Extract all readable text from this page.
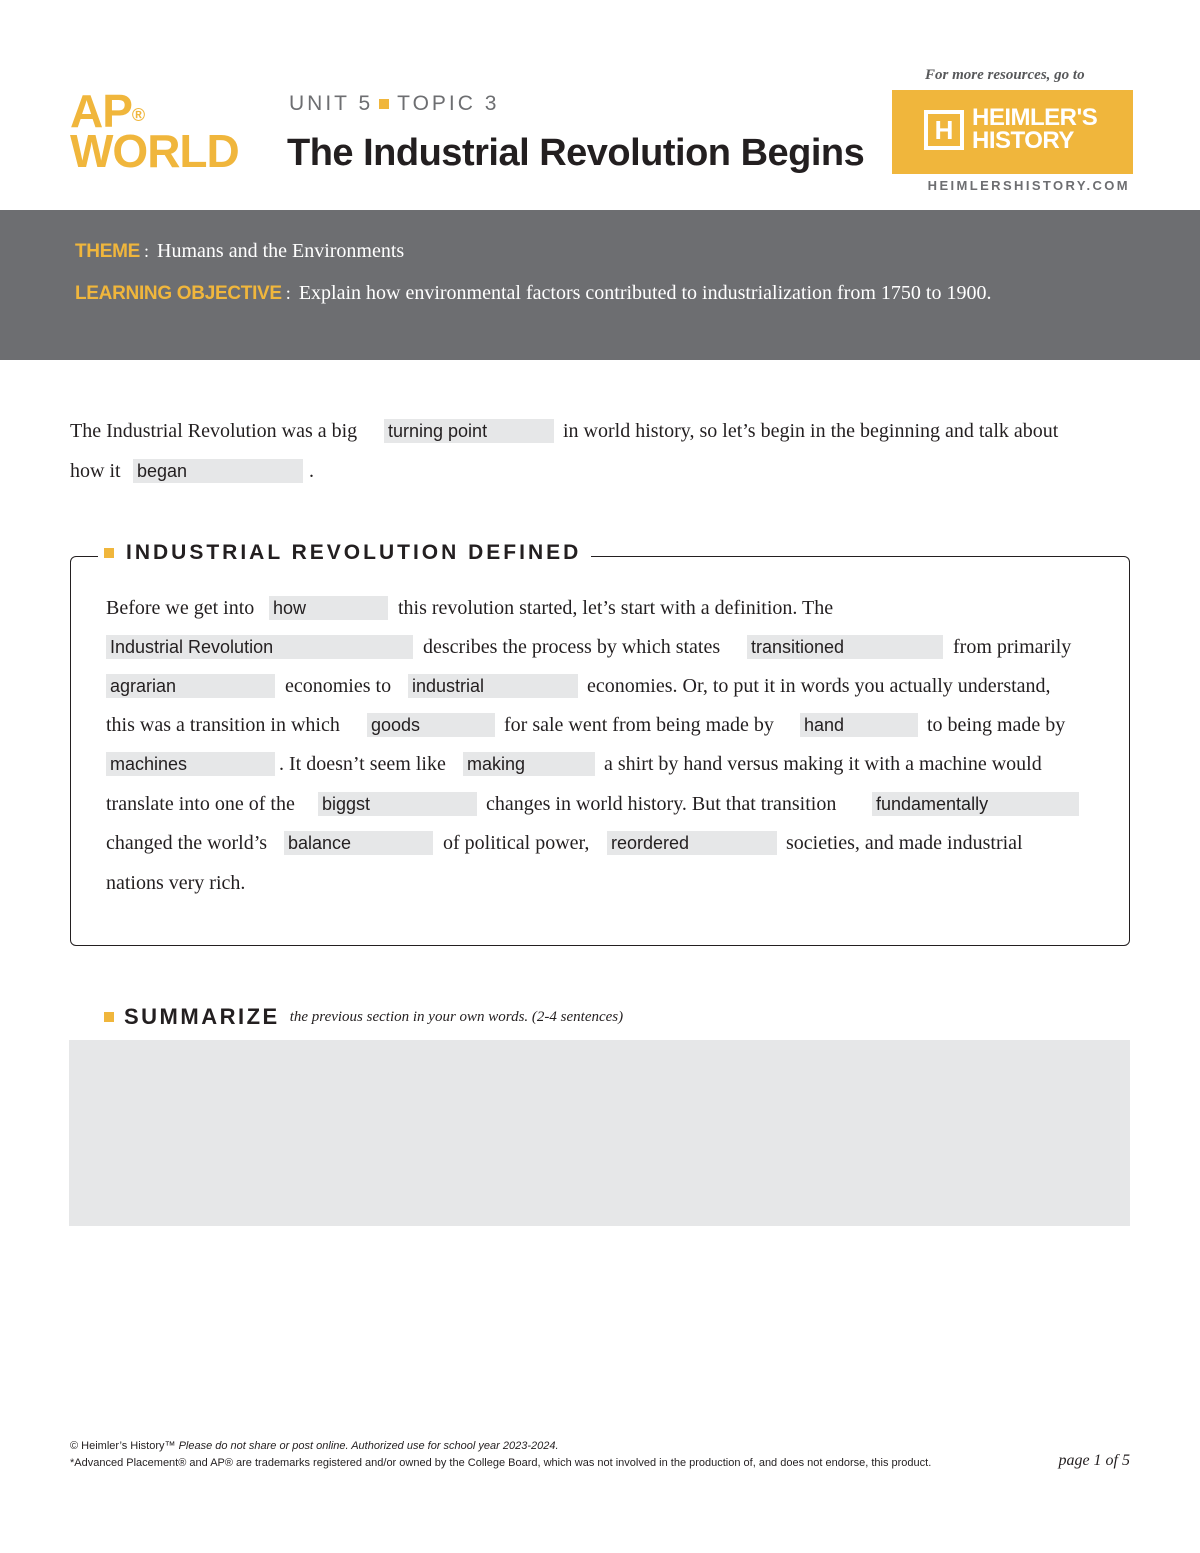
AP®
WORLD
UNIT 5 TOPIC 3
The Industrial Revolution Begins
For more resources, go to
H HEIMLER'S
HISTORY
HEIMLERSHISTORY.COM
THEME : Humans and the Environments
LEARNING OBJECTIVE : Explain how environmental factors contributed to industrialization from 1750 to 1900.
The Industrial Revolution was a big turning point	in world history, so let’s begin in the beginning and talk about
how it began	.
INDUSTRIAL REVOLUTION DEFINED
Before we get into how	this revolution started, let’s start with a definition. The
Industrial Revolution	describes the process by which states transitioned	from primarily
agrarian	economies to industrial	economies. Or, to put it in words you actually understand,
this was a transition in which goods	for sale went from being made by hand	to being made by
machines	. It doesn’t seem like making	a shirt by hand versus making it with a machine would
translate into one of the biggst	changes in world history. But that transition fundamentally
changed the world’s balance	of political power, reordered	societies, and made industrial
nations very rich.
SUMMARIZE the previous section in your own words. (2-4 sentences)
© Heimler’s History™ Please do not share or post online. Authorized use for school year 2023-2024.
*Advanced Placement® and AP® are trademarks registered and/or owned by the College Board, which was not involved in the production of, and does not endorse, this product.	page 1 of 5
